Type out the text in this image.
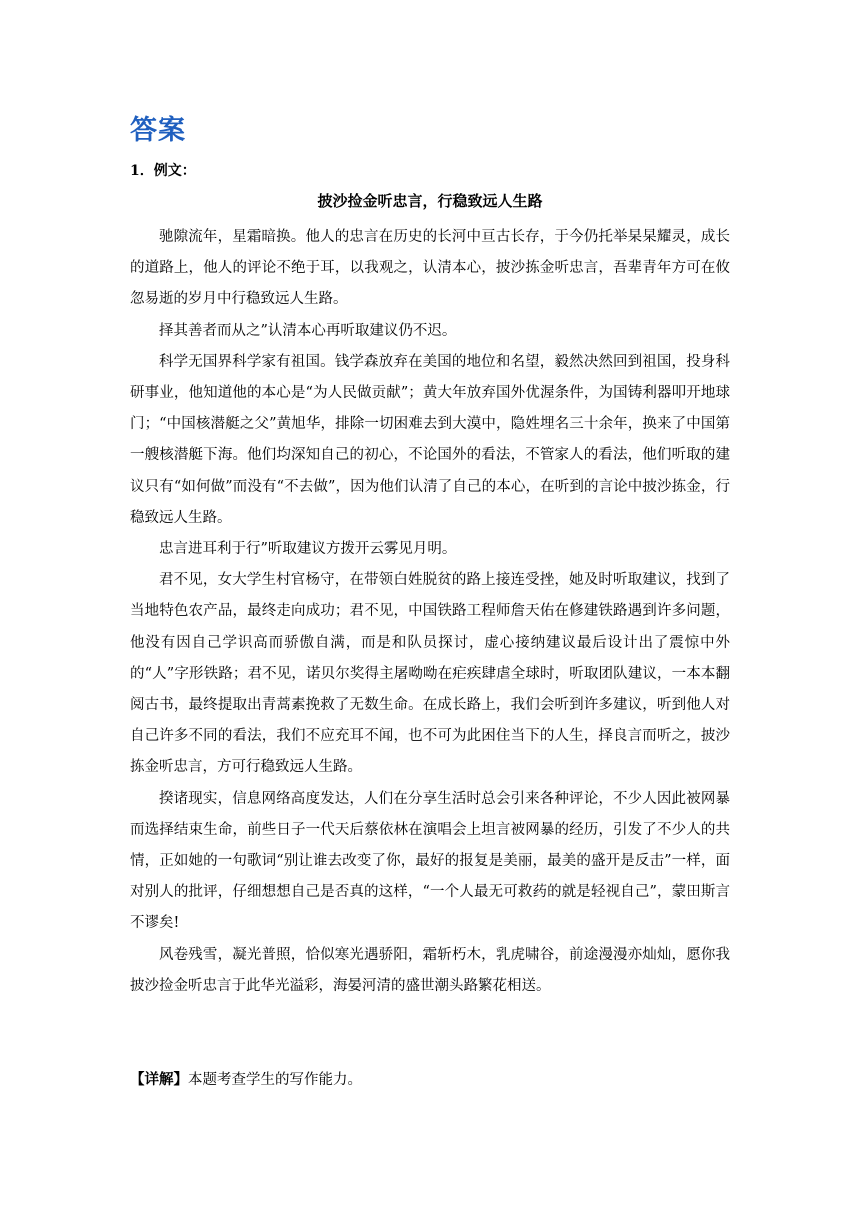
答案
1．例文：
披沙捡金听忠言，行稳致远人生路

驰隙流年，星霜暗换。他人的忠言在历史的长河中亘古长存，于今仍托举杲杲耀灵，成长的道路上，他人的评论不绝于耳，以我观之，认清本心，披沙拣金听忠言，吾辈青年方可在攸忽易逝的岁月中行稳致远人生路。

择其善者而从之”认清本心再听取建议仍不迟。

科学无国界科学家有祖国。钱学森放弃在美国的地位和名望，毅然决然回到祖国，投身科研事业，他知道他的本心是“为人民做贡献”；黄大年放弃国外优渥条件，为国铸利器叩开地球门；“中国核潜艇之父”黄旭华，排除一切困难去到大漠中，隐姓埋名三十余年，换来了中国第一艘核潜艇下海。他们均深知自己的初心，不论国外的看法，不管家人的看法，他们听取的建议只有“如何做”而没有“不去做”，因为他们认清了自己的本心，在听到的言论中披沙拣金，行稳致远人生路。

忠言进耳利于行”听取建议方拨开云雾见月明。

君不见，女大学生村官杨守，在带领白姓脱贫的路上接连受挫，她及时听取建议，找到了当地特色农产品，最终走向成功；君不见，中国铁路工程师詹天佑在修建铁路遇到许多问题，他没有因自己学识高而骄傲自满，而是和队员探讨，虚心接纳建议最后设计出了震惊中外的“人”字形铁路；君不见，诺贝尔奖得主屠呦呦在疟疾肆虐全球时，听取团队建议，一本本翻阅古书，最终提取出青蒿素挽救了无数生命。在成长路上，我们会听到许多建议，听到他人对自己许多不同的看法，我们不应充耳不闻，也不可为此困住当下的人生，择良言而听之，披沙拣金听忠言，方可行稳致远人生路。

揆诸现实，信息网络高度发达，人们在分享生活时总会引来各种评论，不少人因此被网暴而选择结束生命，前些日子一代天后蔡依林在演唱会上坦言被网暴的经历，引发了不少人的共情，正如她的一句歌词“别让谁去改变了你，最好的报复是美丽，最美的盛开是反击”一样，面对别人的批评，仔细想想自己是否真的这样，“一个人最无可救药的就是轻视自己”，蒙田斯言不谬矣!

风卷残雪，凝光普照，恰似寒光遇骄阳，霜斩朽木，乳虎啸谷，前途漫漫亦灿灿，愿你我披沙捡金听忠言于此华光溢彩，海晏河清的盛世潮头路繁花相送。

【详解】本题考查学生的写作能力。
